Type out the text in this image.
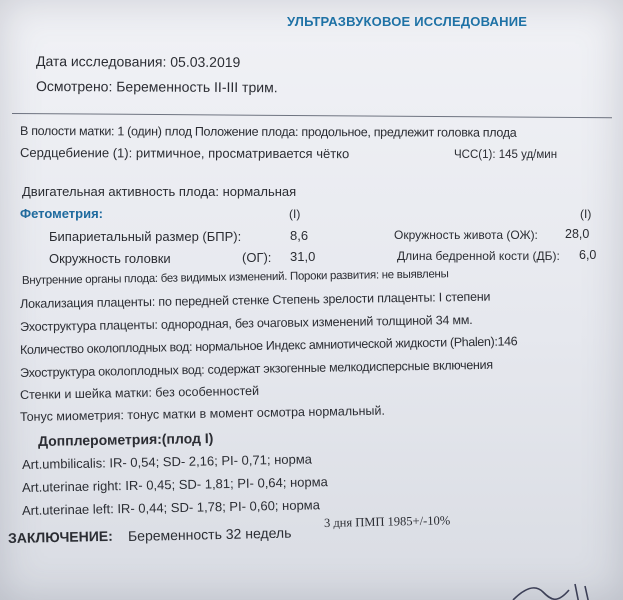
УЛЬТРАЗВУКОВОЕ ИССЛЕДОВАНИЕ
Дата исследования: 05.03.2019
Осмотрено: Беременность II-III трим.
В полости матки: 1 (один) плод Положение плода: продольное, предлежит головка плода
Сердцебиение (1): ритмичное, просматривается чётко	ЧСС(1): 145 уд/мин
Двигательная активность плода: нормальная
Фетометрия:	(I)	(I)
Бипариетальный размер (БПР):	8,6	Окружность живота (ОЖ): 28,0
Окружность головки	(ОГ): 31,0	Длина бедренной кости (ДБ): 6,0
Внутренние органы плода: без видимых изменений. Пороки развития: не выявлены
Локализация плаценты: по передней стенке Степень зрелости плаценты: I степени
Эхоструктура плаценты: однородная, без очаговых изменений толщиной 34 мм.
Количество околоплодных вод: нормальное Индекс амниотической жидкости (Phalen):146
Эхоструктура околоплодных вод: содержат экзогенные мелкодисперсные включения
Стенки и шейка матки: без особенностей
Тонус миометрия: тонус матки в момент осмотра нормальный.
Допплерометрия:(плод I)
Art.umbilicalis: IR- 0,54; SD- 2,16; PI- 0,71; норма
Art.uterinae right: IR- 0,45; SD- 1,81; PI- 0,64; норма
Art.uterinae left: IR- 0,44; SD- 1,78; PI- 0,60; норма
ЗАКЛЮЧЕНИЕ: Беременность 32 недель
3 дня ПМП 1985+/-10%
